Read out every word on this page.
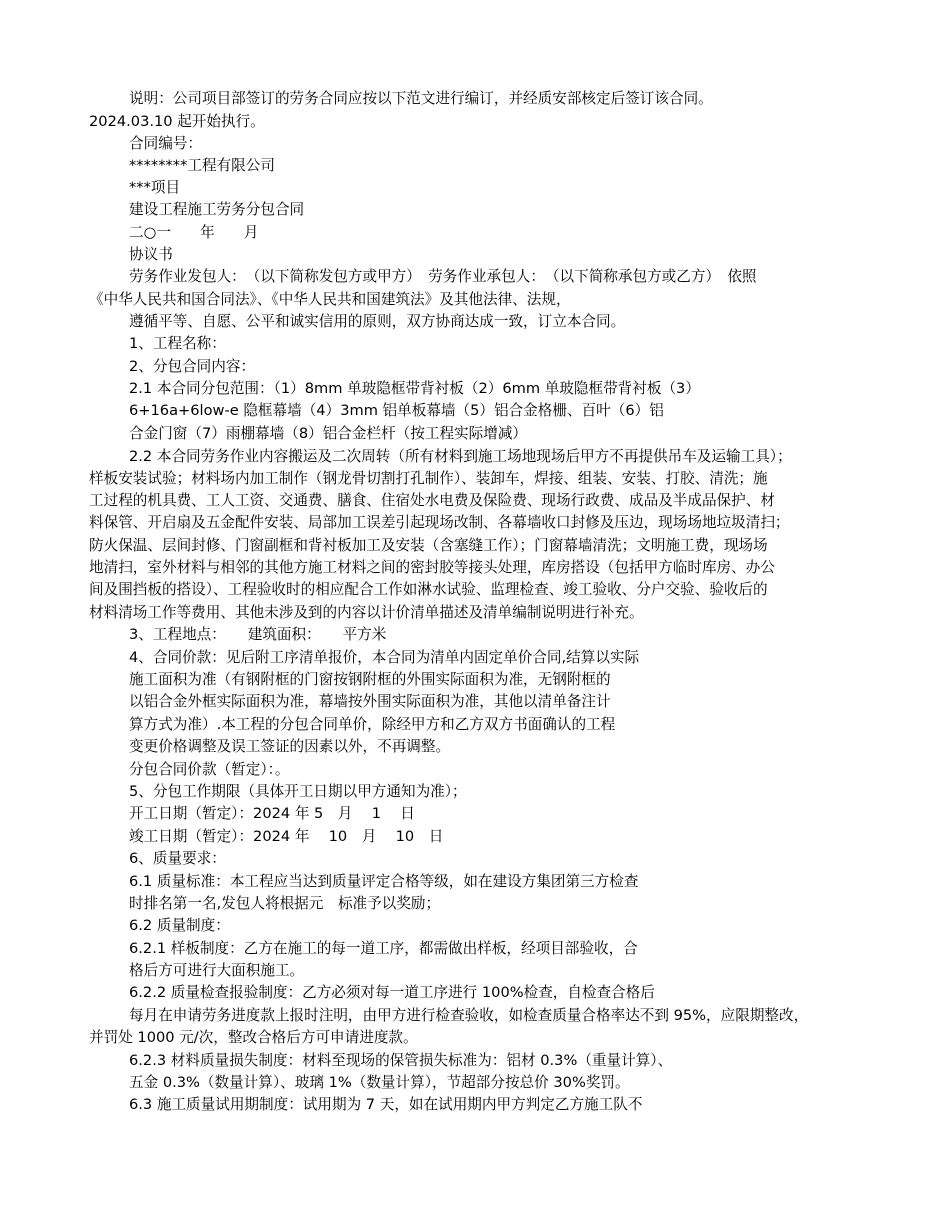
说明：公司项目部签订的劳务合同应按以下范文进行编订，并经质安部核定后签订该合同。
2024.03.10 起开始执行。
合同编号：
********工程有限公司
***项目
建设工程施工劳务分包合同
二○一　　年　　月
协议书
劳务作业发包人：　（以下简称发包方或甲方）　劳务作业承包人：　（以下简称承包方或乙方）　依照
《中华人民共和国合同法》、《中华人民共和国建筑法》及其他法律、法规，
遵循平等、自愿、公平和诚实信用的原则，双方协商达成一致，订立本合同。
1、工程名称：
2、分包合同内容：
2.1 本合同分包范围：（1）8mm 单玻隐框带背衬板（2）6mm 单玻隐框带背衬板（3）
6+16a+6low-e 隐框幕墙（4）3mm 铝单板幕墙（5）铝合金格栅、百叶（6）铝
合金门窗（7）雨棚幕墙（8）铝合金栏杆（按工程实际增减）
2.2 本合同劳务作业内容搬运及二次周转（所有材料到施工场地现场后甲方不再提供吊车及运输工具）；
样板安装试验；材料场内加工制作（钢龙骨切割打孔制作）、装卸车，焊接、组装、安装、打胶、清洗；施
工过程的机具费、工人工资、交通费、膳食、住宿处水电费及保险费、现场行政费、成品及半成品保护、材
料保管、开启扇及五金配件安装、局部加工误差引起现场改制、各幕墙收口封修及压边，现场场地垃圾清扫；
防火保温、层间封修、门窗副框和背衬板加工及安装（含塞缝工作）；门窗幕墙清洗；文明施工费，现场场
地清扫，室外材料与相邻的其他方施工材料之间的密封胶等接头处理，库房搭设（包括甲方临时库房、办公
间及围挡板的搭设）、工程验收时的相应配合工作如淋水试验、监理检查、竣工验收、分户交验、验收后的
材料清场工作等费用、其他未涉及到的内容以计价清单描述及清单编制说明进行补充。
3、工程地点：　　建筑面积：　　平方米
4、合同价款：见后附工序清单报价，本合同为清单内固定单价合同,结算以实际
施工面积为准（有钢附框的门窗按钢附框的外围实际面积为准，无钢附框的
以铝合金外框实际面积为准，幕墙按外围实际面积为准，其他以清单备注计
算方式为准）.本工程的分包合同单价，除经甲方和乙方双方书面确认的工程
变更价格调整及误工签证的因素以外，不再调整。
分包合同价款（暂定）：。
5、分包工作期限（具体开工日期以甲方通知为准）；
开工日期（暂定）：2024 年 5　月　 1　 日
竣工日期（暂定）：2024 年　 10　月　 10　日
6、质量要求：
6.1 质量标准：本工程应当达到质量评定合格等级，如在建设方集团第三方检查
时排名第一名,发包人将根据元　标准予以奖励；
6.2 质量制度：
6.2.1 样板制度：乙方在施工的每一道工序，都需做出样板，经项目部验收，合
格后方可进行大面积施工。
6.2.2 质量检查报验制度：乙方必须对每一道工序进行 100%检查，自检查合格后
每月在申请劳务进度款上报时注明，由甲方进行检查验收，如检查质量合格率达不到 95%，应限期整改，
并罚处 1000 元/次，整改合格后方可申请进度款。
6.2.3 材料质量损失制度：材料至现场的保管损失标准为：铝材 0.3%（重量计算）、
五金 0.3%（数量计算）、玻璃 1%（数量计算），节超部分按总价 30%奖罚。
6.3 施工质量试用期制度：试用期为 7 天，如在试用期内甲方判定乙方施工队不
